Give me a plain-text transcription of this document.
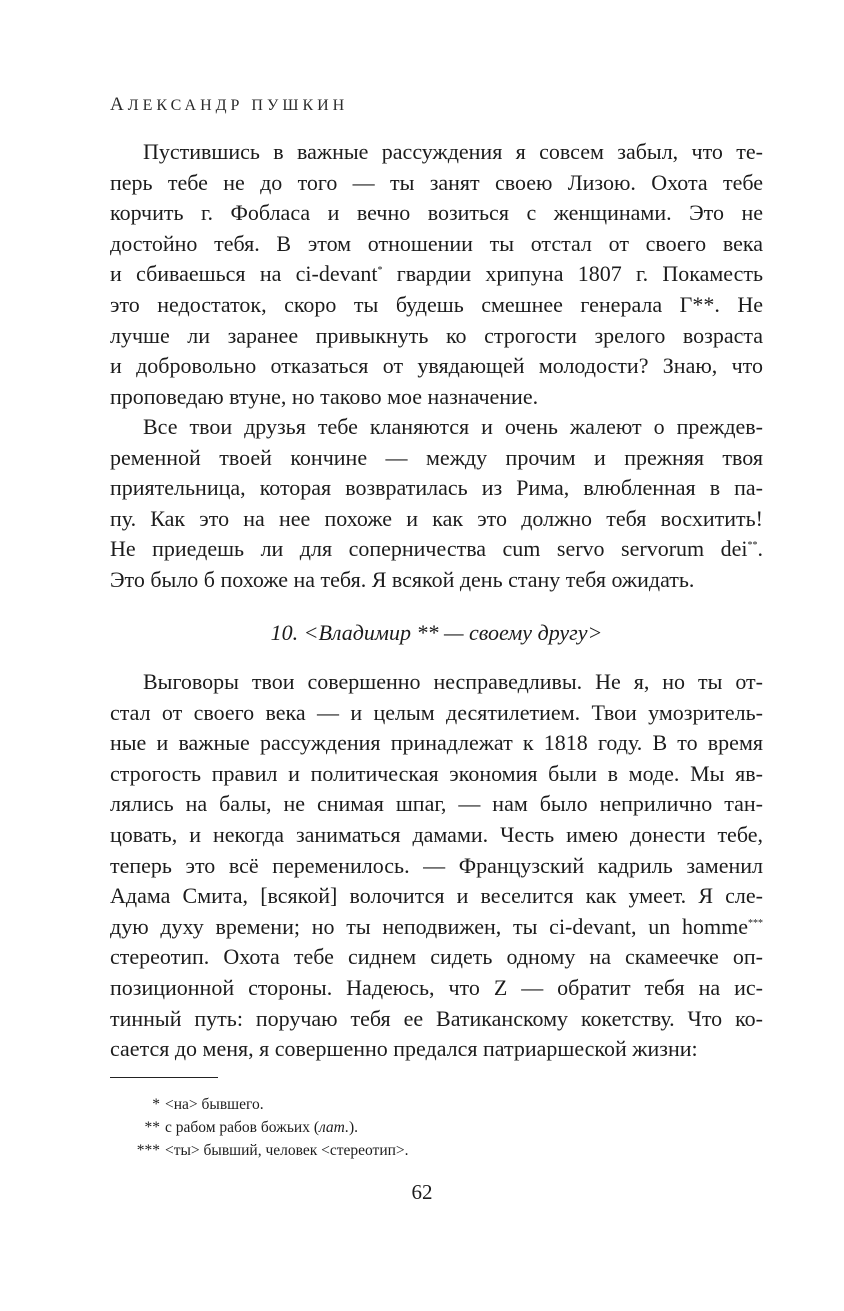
АЛЕКСАНДР ПУШКИН
Пустившись в важные рассуждения я совсем забыл, что те-
перь тебе не до того — ты занят своею Лизою. Охота тебе
корчить г. Фобласа и вечно возиться с женщинами. Это не
достойно тебя. В этом отношении ты отстал от своего века
и сбиваешься на ci-devant* гвардии хрипуна 1807 г. Покаместь
это недостаток, скоро ты будешь смешнее генерала Г**. Не
лучше ли заранее привыкнуть ко строгости зрелого возраста
и добровольно отказаться от увядающей молодости? Знаю, что
проповедаю втуне, но таково мое назначение.
Все твои друзья тебе кланяются и очень жалеют о преждев-
ременной твоей кончине — между прочим и прежняя твоя
приятельница, которая возвратилась из Рима, влюбленная в па-
пу. Как это на нее похоже и как это должно тебя восхитить!
Не приедешь ли для соперничества cum servo servorum dei**.
Это было б похоже на тебя. Я всякой день стану тебя ожидать.
10. <Владимир ** — своему другу>
Выговоры твои совершенно несправедливы. Не я, но ты от-
стал от своего века — и целым десятилетием. Твои умозритель-
ные и важные рассуждения принадлежат к 1818 году. В то время
строгость правил и политическая экономия были в моде. Мы яв-
лялись на балы, не снимая шпаг, — нам было неприлично тан-
цовать, и некогда заниматься дамами. Честь имею донести тебе,
теперь это всё переменилось. — Французский кадриль заменил
Адама Смита, [всякой] волочится и веселится как умеет. Я сле-
дую духу времени; но ты неподвижен, ты ci-devant, un homme***
стереотип. Охота тебе сиднем сидеть одному на скамеечке оп-
позиционной стороны. Надеюсь, что Z — обратит тебя на ис-
тинный путь: поручаю тебя ее Ватиканскому кокетству. Что ко-
сается до меня, я совершенно предался патриаршеской жизни:
* <на> бывшего.
** с рабом рабов божьих (лат.).
*** <ты> бывший, человек <стереотип>.
62
